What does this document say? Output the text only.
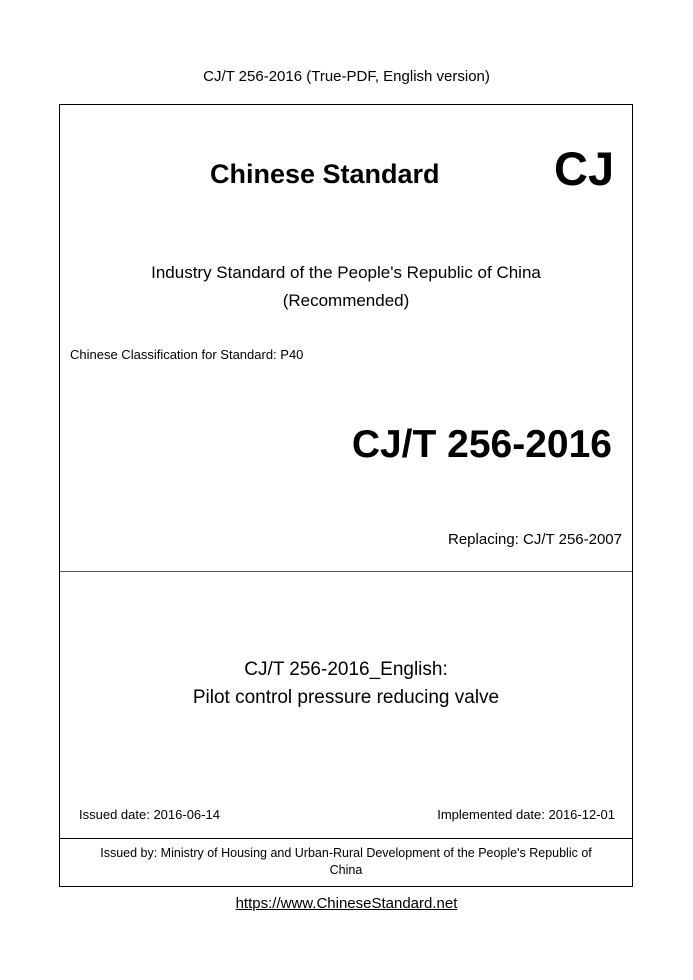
CJ/T 256-2016 (True-PDF, English version)
Chinese Standard CJ
Industry Standard of the People's Republic of China
(Recommended)
Chinese Classification for Standard: P40
CJ/T 256-2016
Replacing: CJ/T 256-2007
CJ/T 256-2016_English:
Pilot control pressure reducing valve
Issued date: 2016-06-14	Implemented date: 2016-12-01
Issued by: Ministry of Housing and Urban-Rural Development of the People's Republic of
China
https://www.ChineseStandard.net
